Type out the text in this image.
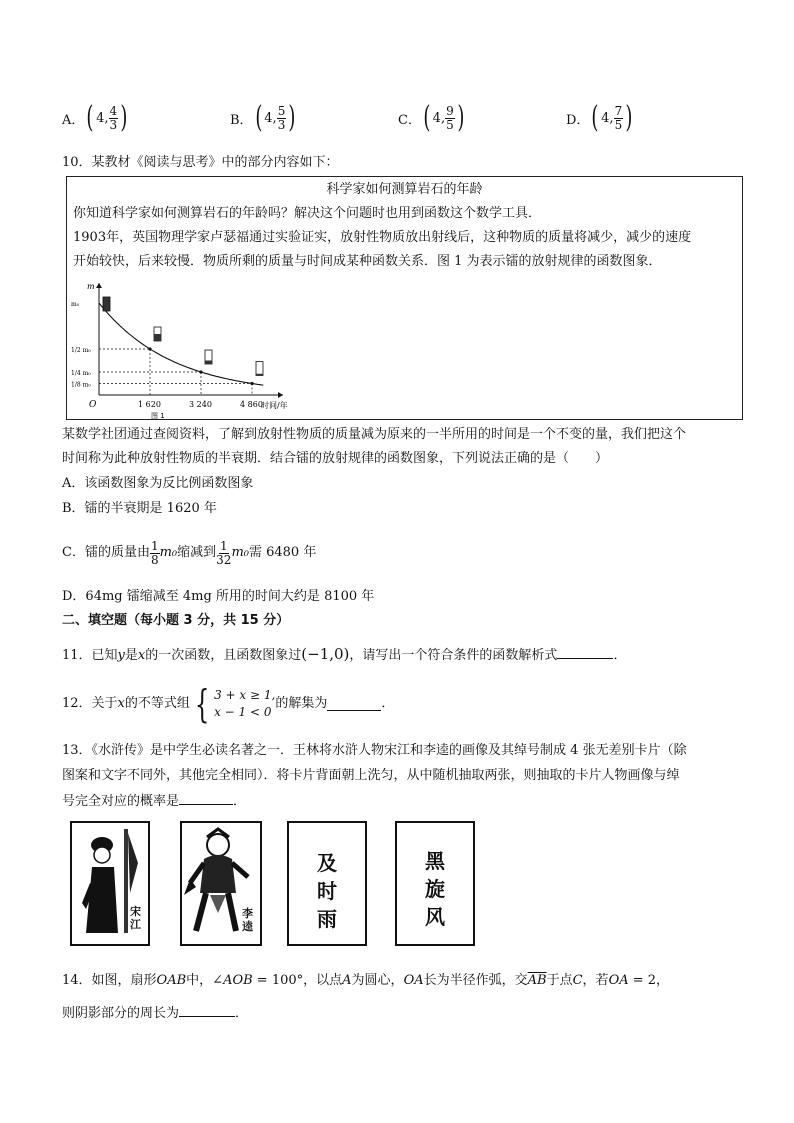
A． ( 4, $\frac{4}{3}$ )	B． ( 4, $\frac{5}{3}$ )	C． ( 4, $\frac{9}{5}$ )	D． ( 4, $\frac{7}{5}$ )
10．某教材《阅读与思考》中的部分内容如下：
科学家如何测算岩石的年龄
你知道科学家如何测算岩石的年龄吗？解决这个问题时也用到函数这个数学工具．
1903年，英国物理学家卢瑟福通过实验证实，放射性物质放出射线后，这种物质的质量将减少，减少的速度
开始较快，后来较慢．物质所剩的质量与时间成某种函数关系．图 1 为表示镭的放射规律的函数图象．
m
O	时间/年
图 1
m₀
1/2 m₀
1/4 m₀
1/8 m₀
1 620	3 240	4 860
某数学社团通过查阅资料，了解到放射性物质的质量减为原来的一半所用的时间是一个不变的量，我们把这个
时间称为此种放射性物质的半衰期．结合镭的放射规律的函数图象，下列说法正确的是（　　）
A．该函数图象为反比例函数图象
B．镭的半衰期是 1620 年
C．镭的质量由 $\frac{1}{8} m_0$ 缩减到 $\frac{1}{32} m_0$ 需 6480 年
D．64mg 镭缩减至 4mg 所用的时间大约是 8100 年
二、填空题（每小题 3 分，共 15 分）
11．已知y是x的一次函数，且函数图象过(−1,0)，请写出一个符合条件的函数解析式	．
12．关于 x 的不等式组 { 3 + x ≥ 1,
x − 1 < 0
的解集为	．
13．《水浒传》是中学生必读名著之一．王林将水浒人物宋江和李逵的画像及其绰号制成 4 张无差别卡片（除
图案和文字不同外，其他完全相同）．将卡片背面朝上洗匀，从中随机抽取两张，则抽取的卡片人物画像与绰
号完全对应的概率是	．
宋
江
李
逵
及
时
雨
黑
旋
风
14．如图，扇形OAB中，∠AOB = 100°，以点A为圆心，OA长为半径作弧，交$\overline{AB}$于点C，若OA = 2，
则阴影部分的周长为	．
